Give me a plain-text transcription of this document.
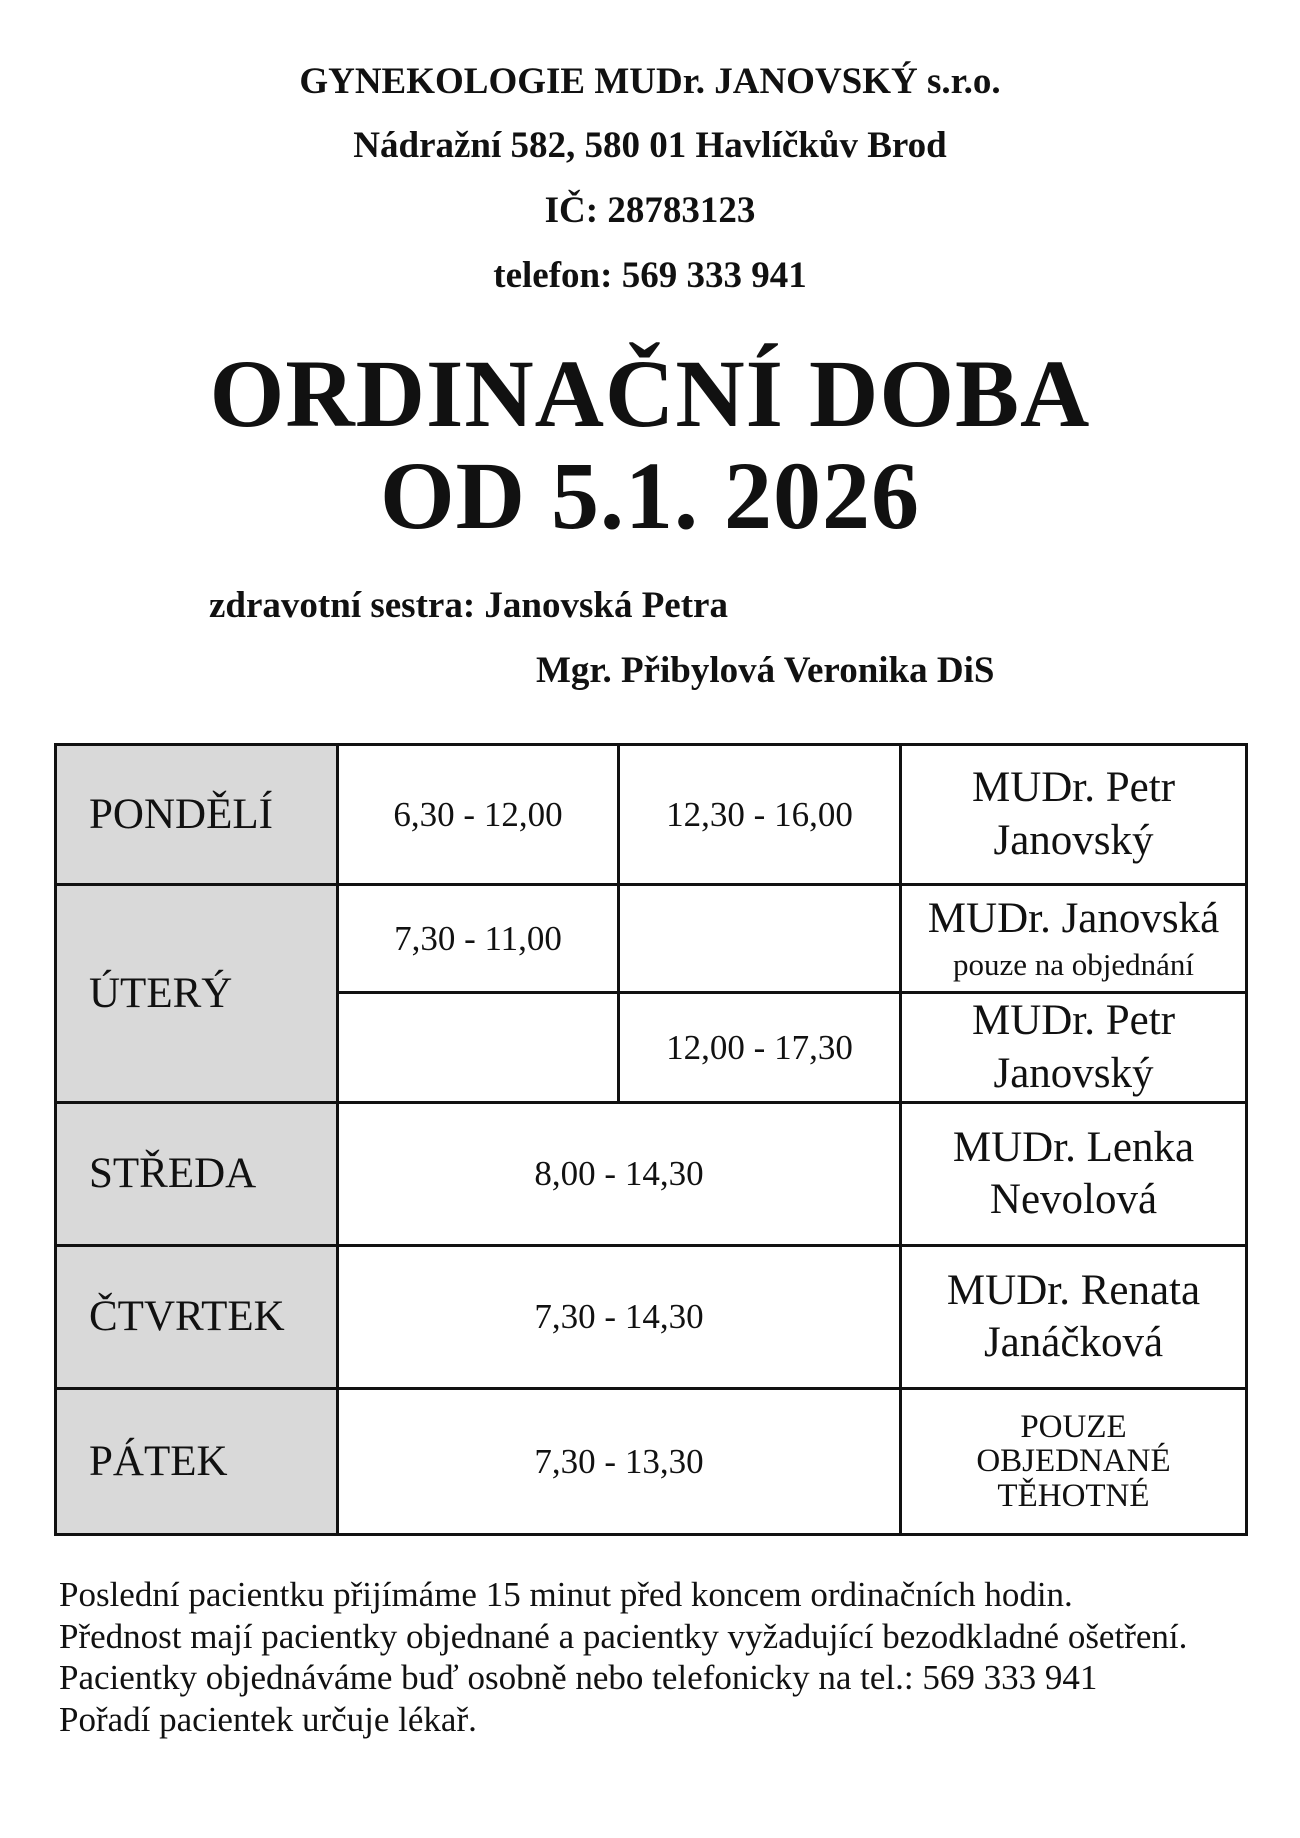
GYNEKOLOGIE MUDr. JANOVSKÝ s.r.o.
Nádražní 582, 580 01 Havlíčkův Brod
IČ: 28783123
telefon: 569 333 941
ORDINAČNÍ DOBA
OD 5.1. 2026
zdravotní sestra: Janovská Petra
Mgr. Přibylová Veronika DiS
PONDĚLÍ	6,30 - 12,00	12,30 - 16,00	MUDr. Petr
Janovský
ÚTERÝ	7,30 - 11,00		MUDr. Janovská
pouze na objednání

		12,00 - 17,30	MUDr. Petr
Janovský
STŘEDA	8,00 - 14,30		MUDr. Lenka
Nevolová
ČTVRTEK	7,30 - 14,30		MUDr. Renata
Janáčková
PÁTEK	7,30 - 13,30		POUZE
OBJEDNANÉ
TĚHOTNÉ

Poslední pacientku přijímáme 15 minut před koncem ordinačních hodin.

Přednost mají pacientky objednané a pacientky vyžadující bezodkladné ošetření.

Pacientky objednáváme buď osobně nebo telefonicky na tel.: 569 333 941

Pořadí pacientek určuje lékař.
